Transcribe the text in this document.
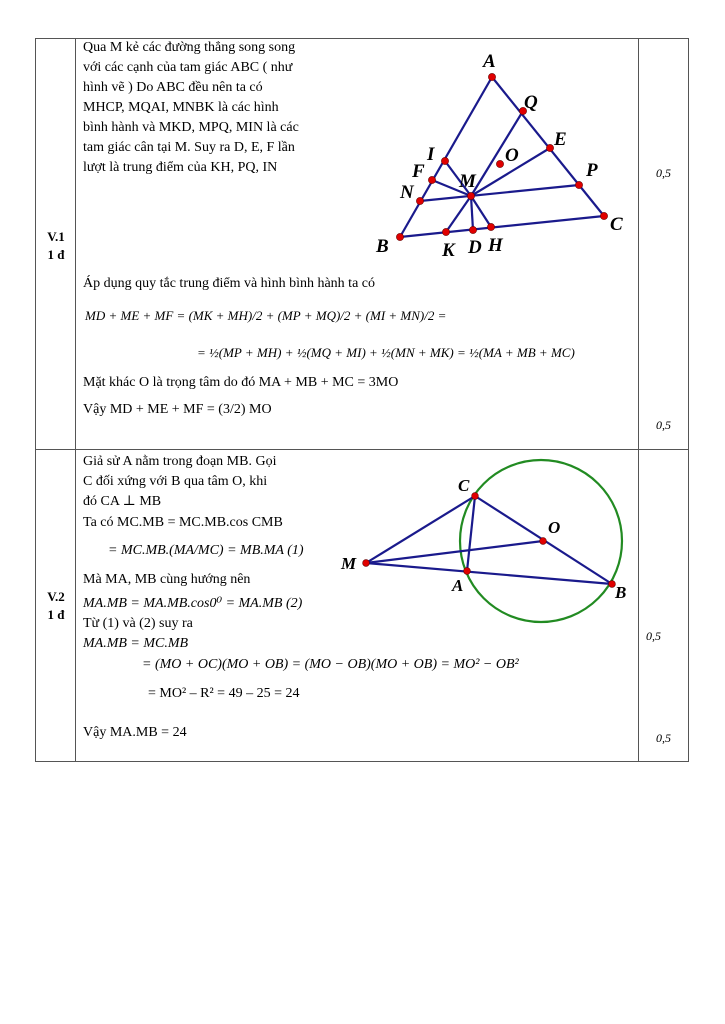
V.1
1 đ
Qua M kẻ các đường thẳng song song
với các cạnh của tam giác ABC ( như
hình vẽ ) Do ABC đều nên ta có
MHCP, MQAI, MNBK là các hình
bình hành và MKD, MPQ, MIN là các
tam giác cân tại M. Suy ra D, E, F lần
lượt là trung điểm của KH, PQ, IN
A
B
C
Q
E
P
I
F
N
M
O
K D H
Áp dụng quy tắc trung điểm và hình bình hành ta có
MD + ME + MF = (MK + MH)/2 + (MP + MQ)/2 + (MI + MN)/2 =
= ½(MP + MH) + ½(MQ + MI) + ½(MN + MK) = ½(MA + MB + MC)
Mặt khác O là trọng tâm do đó MA + MB + MC = 3MO
Vậy MD + ME + MF = (3/2) MO
0,5
0,5
V.2
1 đ
Giả sử A nằm trong đoạn MB. Gọi
C đối xứng với B qua tâm O, khi
đó CA ⊥ MB
Ta có MC.MB = MC.MB.cos CMB
= MC.MB.(MA/MC) = MB.MA (1)
Mà MA, MB cùng hướng nên
MA.MB = MA.MB.cos0⁰ = MA.MB (2)
Từ (1) và (2) suy ra
MA.MB = MC.MB
= (MO + OC)(MO + OB) = (MO − OB)(MO + OB) = MO² − OB²
= MO² – R² = 49 – 25 = 24
Vậy MA.MB = 24
C
O
M
A	B
0,5
0,5
